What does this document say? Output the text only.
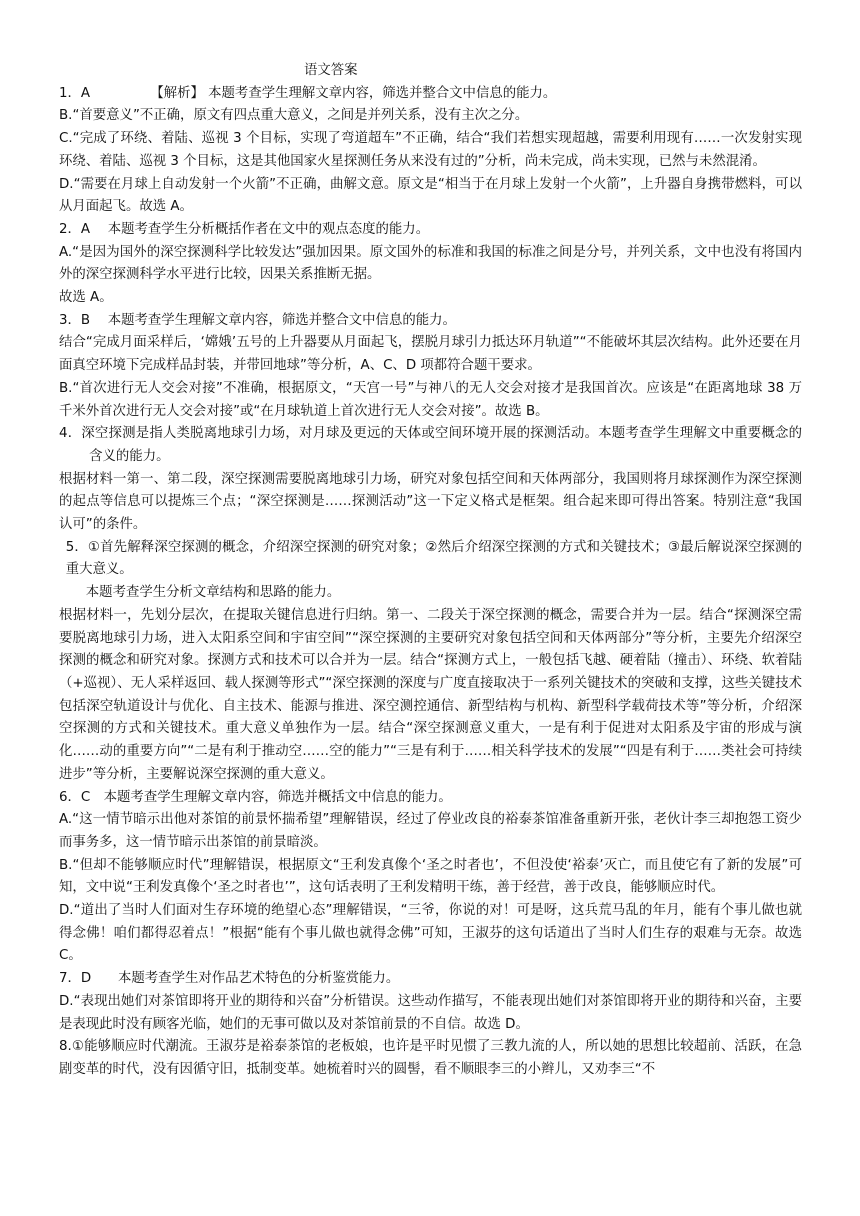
语文答案

1．A　　　　　【解析】 本题考查学生理解文章内容，筛选并整合文中信息的能力。

B.“首要意义”不正确，原文有四点重大意义，之间是并列关系，没有主次之分。

C.“完成了环绕、着陆、巡视 3 个目标，实现了弯道超车”不正确，结合“我们若想实现超越，需要利用现有……一次发射实现环绕、着陆、巡视 3 个目标，这是其他国家火星探测任务从来没有过的”分析，尚未完成，尚未实现，已然与未然混淆。

D.“需要在月球上自动发射一个火箭”不正确，曲解文意。原文是“相当于在月球上发射一个火箭”，上升器自身携带燃料，可以从月面起飞。故选 A。

2．A　 本题考查学生分析概括作者在文中的观点态度的能力。

A.“是因为国外的深空探测科学比较发达”强加因果。原文国外的标准和我国的标准之间是分号，并列关系，文中也没有将国内外的深空探测科学水平进行比较，因果关系推断无据。

故选 A。

3．B　 本题考查学生理解文章内容，筛选并整合文中信息的能力。

结合“完成月面采样后，‘嫦娥’五号的上升器要从月面起飞，摆脱月球引力抵达环月轨道”“不能破坏其层次结构。此外还要在月面真空环境下完成样品封装，并带回地球”等分析，A、C、D 项都符合题干要求。

B.“首次进行无人交会对接”不准确，根据原文，“天宫一号”与神八的无人交会对接才是我国首次。应该是“在距离地球 38 万千米外首次进行无人交会对接”或“在月球轨道上首次进行无人交会对接”。故选 B。

4．深空探测是指人类脱离地球引力场，对月球及更远的天体或空间环境开展的探测活动。本题考查学生理解文中重要概念的含义的能力。

根据材料一第一、第二段，深空探测需要脱离地球引力场，研究对象包括空间和天体两部分，我国则将月球探测作为深空探测的起点等信息可以提炼三个点；“深空探测是……探测活动”这一下定义格式是框架。组合起来即可得出答案。特别注意“我国认可”的条件。

5．①首先解释深空探测的概念，介绍深空探测的研究对象；②然后介绍深空探测的方式和关键技术；③最后解说深空探测的重大意义。

本题考查学生分析文章结构和思路的能力。

根据材料一，先划分层次，在提取关键信息进行归纳。第一、二段关于深空探测的概念，需要合并为一层。结合“探测深空需要脱离地球引力场，进入太阳系空间和宇宙空间”“深空探测的主要研究对象包括空间和天体两部分”等分析，主要先介绍深空探测的概念和研究对象。探测方式和技术可以合并为一层。结合“探测方式上，一般包括飞越、硬着陆（撞击）、环绕、软着陆（+巡视）、无人采样返回、载人探测等形式”“深空探测的深度与广度直接取决于一系列关键技术的突破和支撑，这些关键技术包括深空轨道设计与优化、自主技术、能源与推进、深空测控通信、新型结构与机构、新型科学载荷技术等”等分析，介绍深空探测的方式和关键技术。重大意义单独作为一层。结合“深空探测意义重大，一是有利于促进对太阳系及宇宙的形成与演化……动的重要方向”“二是有利于推动空……空的能力”“三是有利于……相关科学技术的发展”“四是有利于……类社会可持续进步”等分析，主要解说深空探测的重大意义。

6．C　本题考查学生理解文章内容，筛选并概括文中信息的能力。

A.“这一情节暗示出他对茶馆的前景怀揣希望”理解错误，经过了停业改良的裕泰茶馆准备重新开张，老伙计李三却抱怨工资少而事务多，这一情节暗示出茶馆的前景暗淡。

B.“但却不能够顺应时代”理解错误，根据原文“王利发真像个‘圣之时者也’，不但没使‘裕泰’灭亡，而且使它有了新的发展”可知，文中说“王利发真像个‘圣之时者也’”，这句话表明了王利发精明干练，善于经营，善于改良，能够顺应时代。

D.“道出了当时人们面对生存环境的绝望心态”理解错误，“三爷，你说的对！可是呀，这兵荒马乱的年月，能有个事儿做也就得念佛！咱们都得忍着点！”根据“能有个事儿做也就得念佛”可知，王淑芬的这句话道出了当时人们生存的艰难与无奈。故选 C。

7．D　　本题考查学生对作品艺术特色的分析鉴赏能力。

D.“表现出她们对茶馆即将开业的期待和兴奋”分析错误。这些动作描写，不能表现出她们对茶馆即将开业的期待和兴奋，主要是表现此时没有顾客光临，她们的无事可做以及对茶馆前景的不自信。故选 D。

8.①能够顺应时代潮流。王淑芬是裕泰茶馆的老板娘，也许是平时见惯了三教九流的人，所以她的思想比较超前、活跃，在急剧变革的时代，没有因循守旧，抵制变革。她梳着时兴的圆髻，看不顺眼李三的小辫儿，又劝李三“不
